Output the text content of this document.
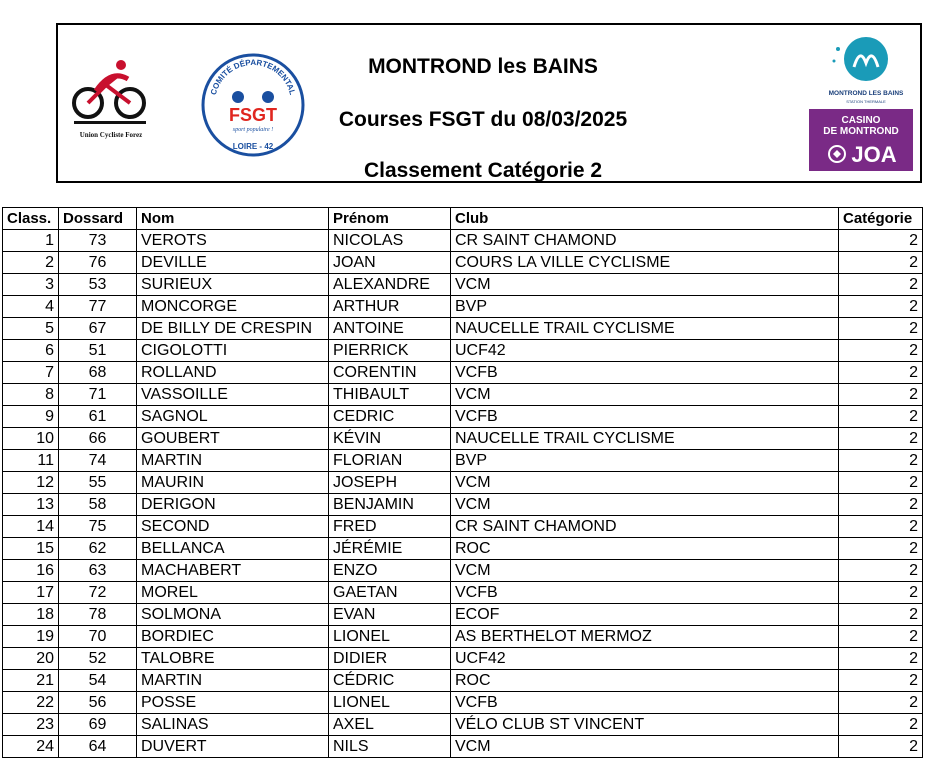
Union Cycliste Forez
COMITÉ DÉPARTEMENTAL
FSGT
sport populaire !
LOIRE - 42
MONTROND les BAINS
Courses FSGT du 08/03/2025
Classement Catégorie 2
MONTROND LES BAINS
STATION THERMALE
CASINO
DE MONTROND
JOA
Class.	Dossard	Nom	Prénom	Club	Catégorie
1	73	VEROTS	NICOLAS	CR SAINT CHAMOND	2
2	76	DEVILLE	JOAN	COURS LA VILLE CYCLISME	2
3	53	SURIEUX	ALEXANDRE	VCM	2
4	77	MONCORGE	ARTHUR	BVP	2
5	67	DE BILLY DE CRESPIN	ANTOINE	NAUCELLE TRAIL CYCLISME	2
6	51	CIGOLOTTI	PIERRICK	UCF42	2
7	68	ROLLAND	CORENTIN	VCFB	2
8	71	VASSOILLE	THIBAULT	VCM	2
9	61	SAGNOL	CEDRIC	VCFB	2
10	66	GOUBERT	KÉVIN	NAUCELLE TRAIL CYCLISME	2
11	74	MARTIN	FLORIAN	BVP	2
12	55	MAURIN	JOSEPH	VCM	2
13	58	DERIGON	BENJAMIN	VCM	2
14	75	SECOND	FRED	CR SAINT CHAMOND	2
15	62	BELLANCA	JÉRÉMIE	ROC	2
16	63	MACHABERT	ENZO	VCM	2
17	72	MOREL	GAETAN	VCFB	2
18	78	SOLMONA	EVAN	ECOF	2
19	70	BORDIEC	LIONEL	AS BERTHELOT MERMOZ	2
20	52	TALOBRE	DIDIER	UCF42	2
21	54	MARTIN	CÉDRIC	ROC	2
22	56	POSSE	LIONEL	VCFB	2
23	69	SALINAS	AXEL	VÉLO CLUB ST VINCENT	2
24	64	DUVERT	NILS	VCM	2
